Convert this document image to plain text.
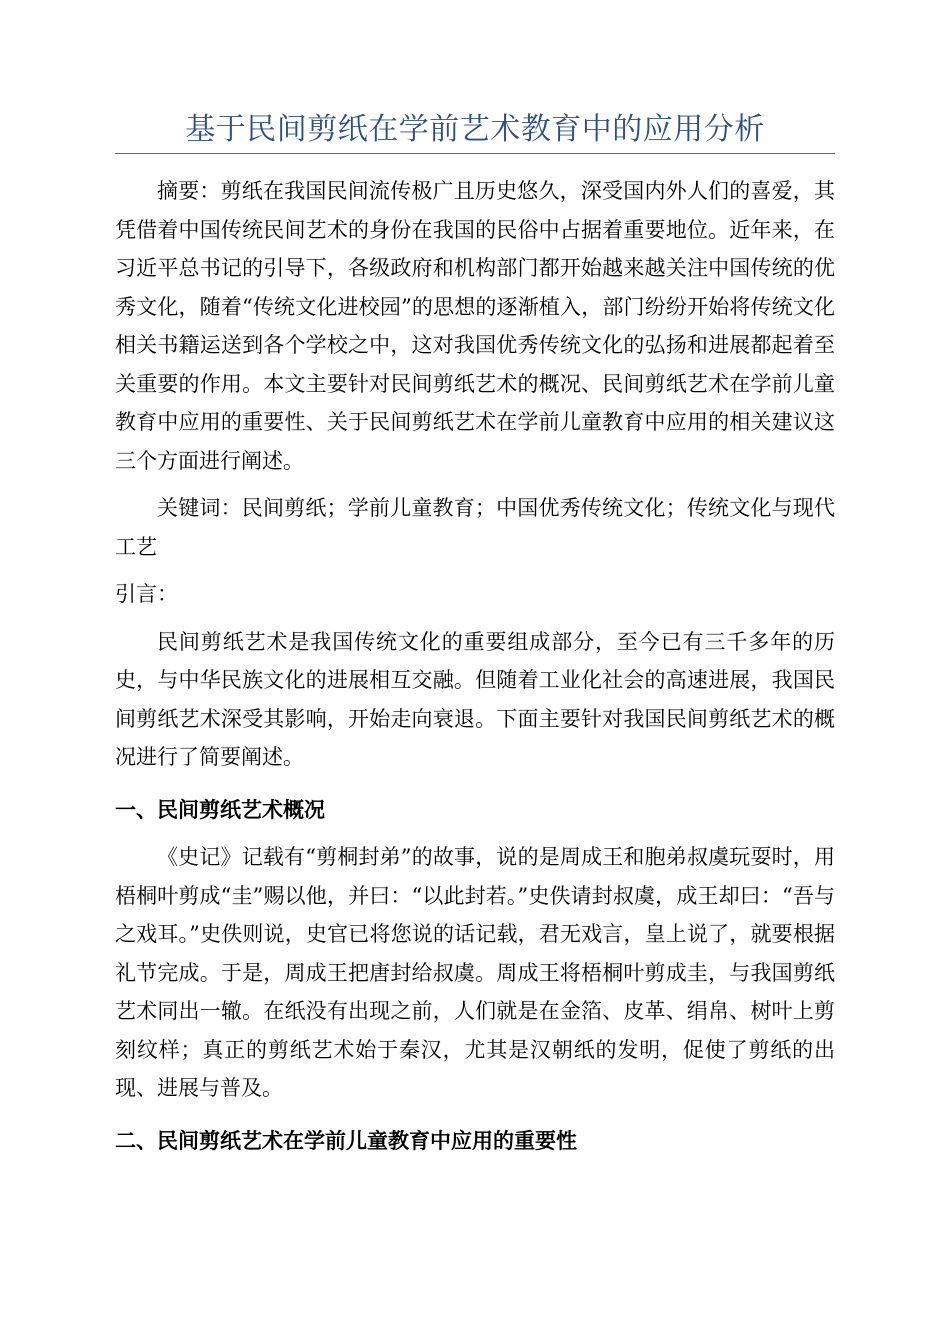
基于民间剪纸在学前艺术教育中的应用分析

摘要：剪纸在我国民间流传极广且历史悠久，深受国内外人们的喜爱，其凭借着中国传统民间艺术的身份在我国的民俗中占据着重要地位。近年来，在习近平总书记的引导下，各级政府和机构部门都开始越来越关注中国传统的优秀文化，随着“传统文化进校园”的思想的逐渐植入，部门纷纷开始将传统文化相关书籍运送到各个学校之中，这对我国优秀传统文化的弘扬和进展都起着至关重要的作用。本文主要针对民间剪纸艺术的概况、民间剪纸艺术在学前儿童教育中应用的重要性、关于民间剪纸艺术在学前儿童教育中应用的相关建议这三个方面进行阐述。

关键词：民间剪纸；学前儿童教育；中国优秀传统文化；传统文化与现代工艺

引言：

民间剪纸艺术是我国传统文化的重要组成部分，至今已有三千多年的历史，与中华民族文化的进展相互交融。但随着工业化社会的高速进展，我国民间剪纸艺术深受其影响，开始走向衰退。下面主要针对我国民间剪纸艺术的概况进行了简要阐述。

一、民间剪纸艺术概况

《史记》记载有“剪桐封弟”的故事，说的是周成王和胞弟叔虞玩耍时，用梧桐叶剪成“圭”赐以他，并曰：“以此封若。”史佚请封叔虞，成王却曰：“吾与之戏耳。”史佚则说，史官已将您说的话记载，君无戏言，皇上说了，就要根据礼节完成。于是，周成王把唐封给叔虞。周成王将梧桐叶剪成圭，与我国剪纸艺术同出一辙。在纸没有出现之前，人们就是在金箔、皮革、绢帛、树叶上剪刻纹样；真正的剪纸艺术始于秦汉，尤其是汉朝纸的发明，促使了剪纸的出现、进展与普及。

二、民间剪纸艺术在学前儿童教育中应用的重要性
